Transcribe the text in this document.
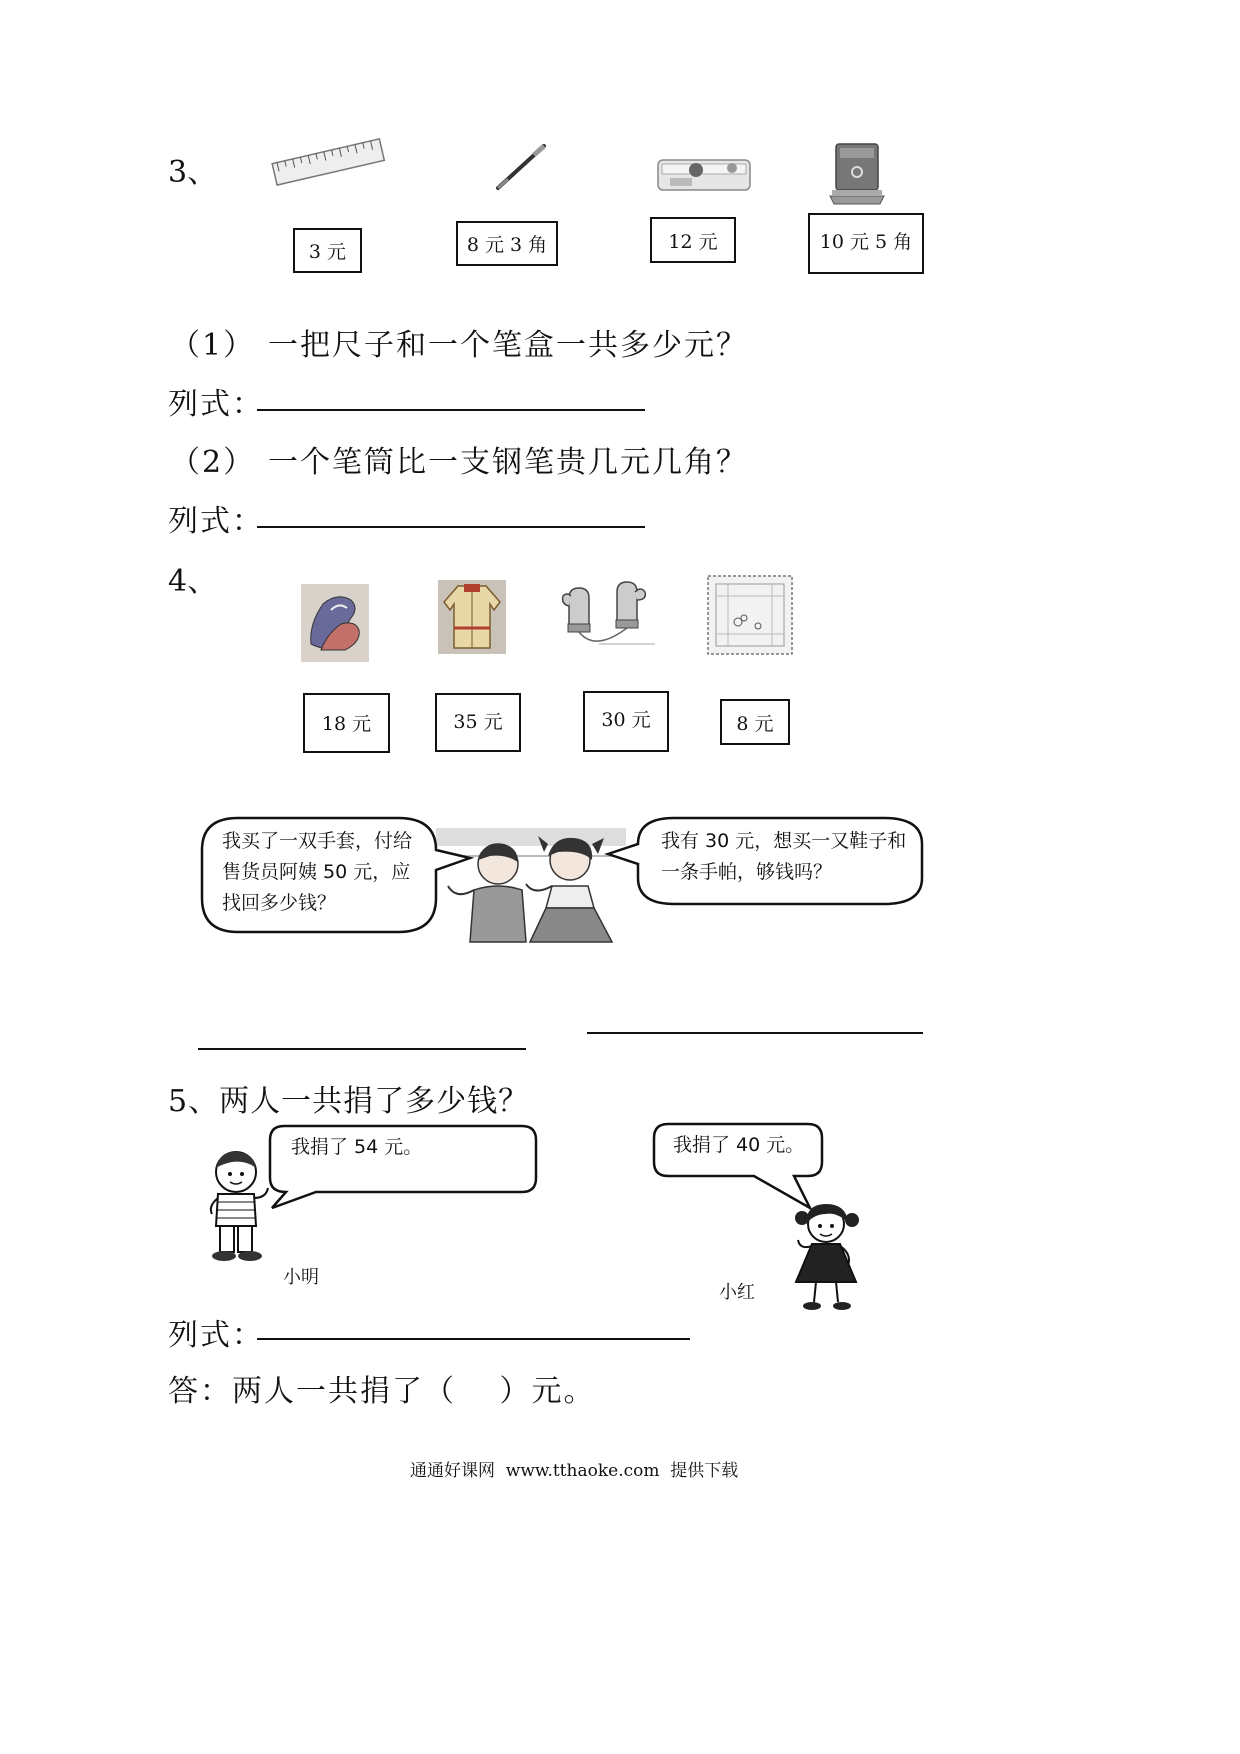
3、
3 元	8 元 3 角	12 元	10 元 5 角
（1） 一把尺子和一个笔盒一共多少元？
列式：
（2） 一个笔筒比一支钢笔贵几元几角？
列式：
4、
18 元	35 元	30 元	8 元
我买了一双手套，付给
售货员阿姨 50 元，应
找回多少钱？
我有 30 元，想买一又鞋子和
一条手帕，够钱吗？
5、两人一共捐了多少钱？
我捐了 54 元。	我捐了 40 元。
小明
小红
列式：
答：两人一共捐了（　 ）元。
通通好课网  www.tthaoke.com  提供下载
